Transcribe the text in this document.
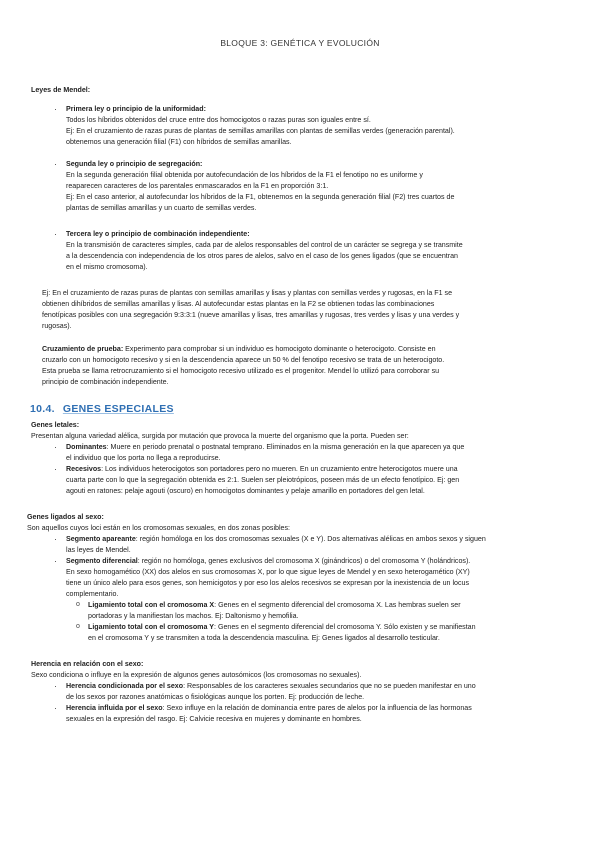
BLOQUE 3: GENÉTICA Y EVOLUCIÓN
Leyes de Mendel:
· Primera ley o principio de la uniformidad:
Todos los híbridos obtenidos del cruce entre dos homocigotos o razas puras son iguales entre sí.
Ej: En el cruzamiento de razas puras de plantas de semillas amarillas con plantas de semillas verdes (generación parental).
obtenemos una generación filial (F1) con híbridos de semillas amarillas.
· Segunda ley o principio de segregación:
En la segunda generación filial obtenida por autofecundación de los híbridos de la F1 el fenotipo no es uniforme y
reaparecen caracteres de los parentales enmascarados en la F1 en proporción 3:1.
Ej: En el caso anterior, al autofecundar los híbridos de la F1, obtenemos en la segunda generación filial (F2) tres cuartos de
plantas de semillas amarillas y un cuarto de semillas verdes.
· Tercera ley o principio de combinación independiente:
En la transmisión de caracteres simples, cada par de alelos responsables del control de un carácter se segrega y se transmite
a la descendencia con independencia de los otros pares de alelos, salvo en el caso de los genes ligados (que se encuentran
en el mismo cromosoma).
Ej: En el cruzamiento de razas puras de plantas con semillas amarillas y lisas y plantas con semillas verdes y rugosas, en la F1 se
obtienen dihíbridos de semillas amarillas y lisas. Al autofecundar estas plantas en la F2 se obtienen todas las combinaciones
fenotípicas posibles con una segregación 9:3:3:1 (nueve amarillas y lisas, tres amarillas y rugosas, tres verdes y lisas y una verdes y
rugosas).
Cruzamiento de prueba: Experimento para comprobar si un individuo es homocigoto dominante o heterocigoto. Consiste en
cruzarlo con un homocigoto recesivo y si en la descendencia aparece un 50 % del fenotipo recesivo se trata de un heterocigoto.
Esta prueba se llama retrocruzamiento si el homocigoto recesivo utilizado es el progenitor. Mendel lo utilizó para corroborar su
principio de combinación independiente.
10.4. GENES ESPECIALES
Genes letales:
Presentan alguna variedad alélica, surgida por mutación que provoca la muerte del organismo que la porta. Pueden ser:
· Dominantes: Muere en periodo prenatal o postnatal temprano. Eliminados en la misma generación en la que aparecen ya que
el individuo que los porta no llega a reproducirse.
· Recesivos: Los individuos heterocigotos son portadores pero no mueren. En un cruzamiento entre heterocigotos muere una
cuarta parte con lo que la segregación obtenida es 2:1. Suelen ser pleiotrópicos, poseen más de un efecto fenotípico. Ej: gen
agouti en ratones: pelaje agouti (oscuro) en homocigotos dominantes y pelaje amarillo en portadores del gen letal.
Genes ligados al sexo:
Son aquellos cuyos loci están en los cromosomas sexuales, en dos zonas posibles:
· Segmento apareante: región homóloga en los dos cromosomas sexuales (X e Y). Dos alternativas alélicas en ambos sexos y siguen
las leyes de Mendel.
· Segmento diferencial: región no homóloga, genes exclusivos del cromosoma X (ginándricos) o del cromosoma Y (holándricos).
En sexo homogamético (XX) dos alelos en sus cromosomas X, por lo que sigue leyes de Mendel y en sexo heterogamético (XY)
tiene un único alelo para esos genes, son hemicigotos y por eso los alelos recesivos se expresan por la inexistencia de un locus
complementario.
o Ligamiento total con el cromosoma X: Genes en el segmento diferencial del cromosoma X. Las hembras suelen ser
portadoras y la manifiestan los machos. Ej: Daltonismo y hemofilia.
o Ligamiento total con el cromosoma Y: Genes en el segmento diferencial del cromosoma Y. Sólo existen y se manifiestan
en el cromosoma Y y se transmiten a toda la descendencia masculina. Ej: Genes ligados al desarrollo testicular.
Herencia en relación con el sexo:
Sexo condiciona o influye en la expresión de algunos genes autosómicos (los cromosomas no sexuales).
· Herencia condicionada por el sexo: Responsables de los caracteres sexuales secundarios que no se pueden manifestar en uno
de los sexos por razones anatómicas o fisiológicas aunque los porten. Ej: producción de leche.
· Herencia influida por el sexo: Sexo influye en la relación de dominancia entre pares de alelos por la influencia de las hormonas
sexuales en la expresión del rasgo. Ej: Calvicie recesiva en mujeres y dominante en hombres.
